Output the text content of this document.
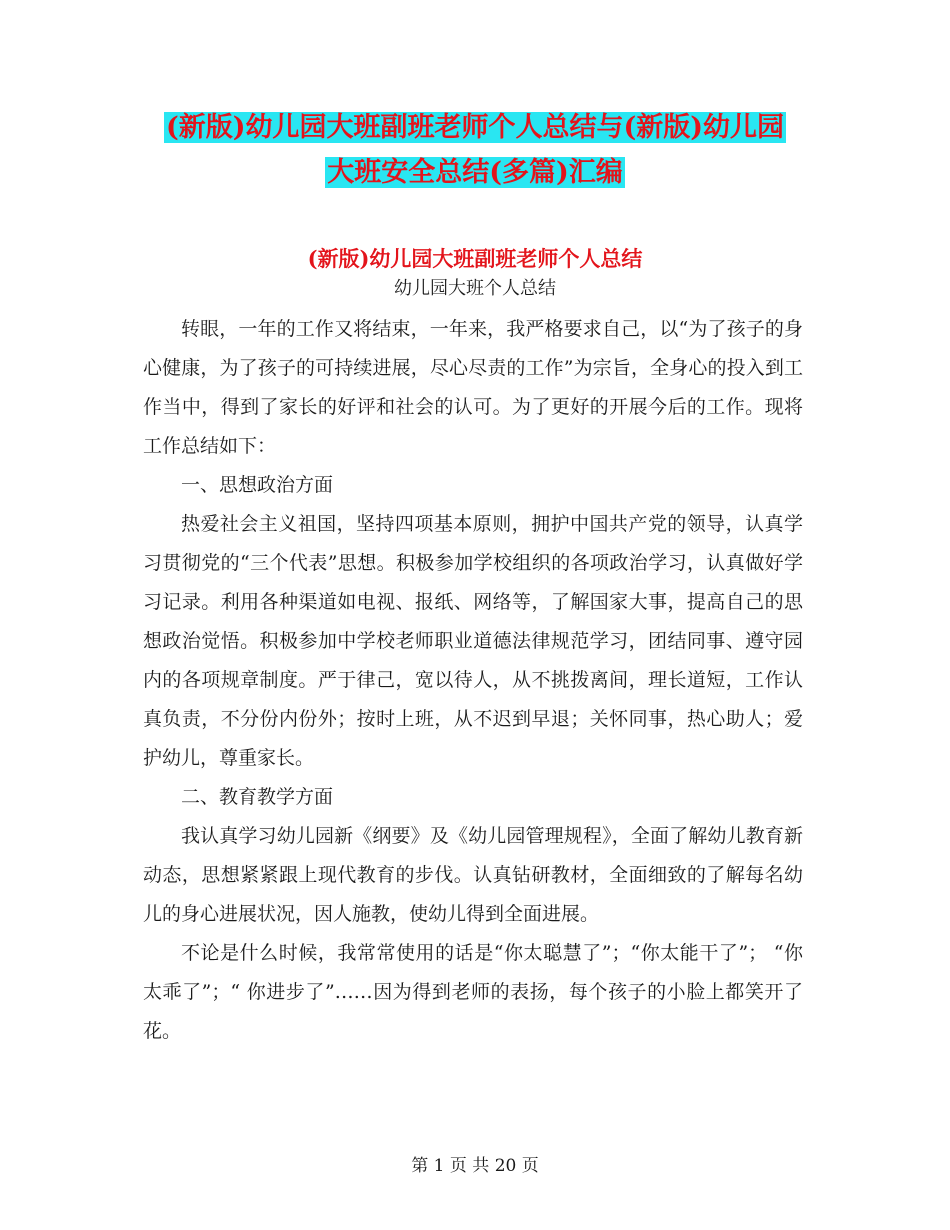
(新版)幼儿园大班副班老师个人总结与(新版)幼儿园
大班安全总结(多篇)汇编
(新版)幼儿园大班副班老师个人总结
幼儿园大班个人总结

转眼，一年的工作又将结束，一年来，我严格要求自己，以“为了孩子的身心健康，为了孩子的可持续进展，尽心尽责的工作”为宗旨，全身心的投入到工作当中，得到了家长的好评和社会的认可。为了更好的开展今后的工作。现将工作总结如下：

一、思想政治方面

热爱社会主义祖国，坚持四项基本原则，拥护中国共产党的领导，认真学习贯彻党的“三个代表”思想。积极参加学校组织的各项政治学习，认真做好学习记录。利用各种渠道如电视、报纸、网络等，了解国家大事，提高自己的思想政治觉悟。积极参加中学校老师职业道德法律规范学习，团结同事、遵守园内的各项规章制度。严于律己，宽以待人，从不挑拨离间，理长道短，工作认真负责，不分份内份外；按时上班，从不迟到早退；关怀同事，热心助人；爱护幼儿，尊重家长。

二、教育教学方面

我认真学习幼儿园新《纲要》及《幼儿园管理规程》，全面了解幼儿教育新动态，思想紧紧跟上现代教育的步伐。认真钻研教材，全面细致的了解每名幼儿的身心进展状况，因人施教，使幼儿得到全面进展。

不论是什么时候，我常常使用的话是“你太聪慧了”；“你太能干了”； “你太乖了”；“ 你进步了”……因为得到老师的表扬，每个孩子的小脸上都笑开了花。

第 1 页 共 20 页
